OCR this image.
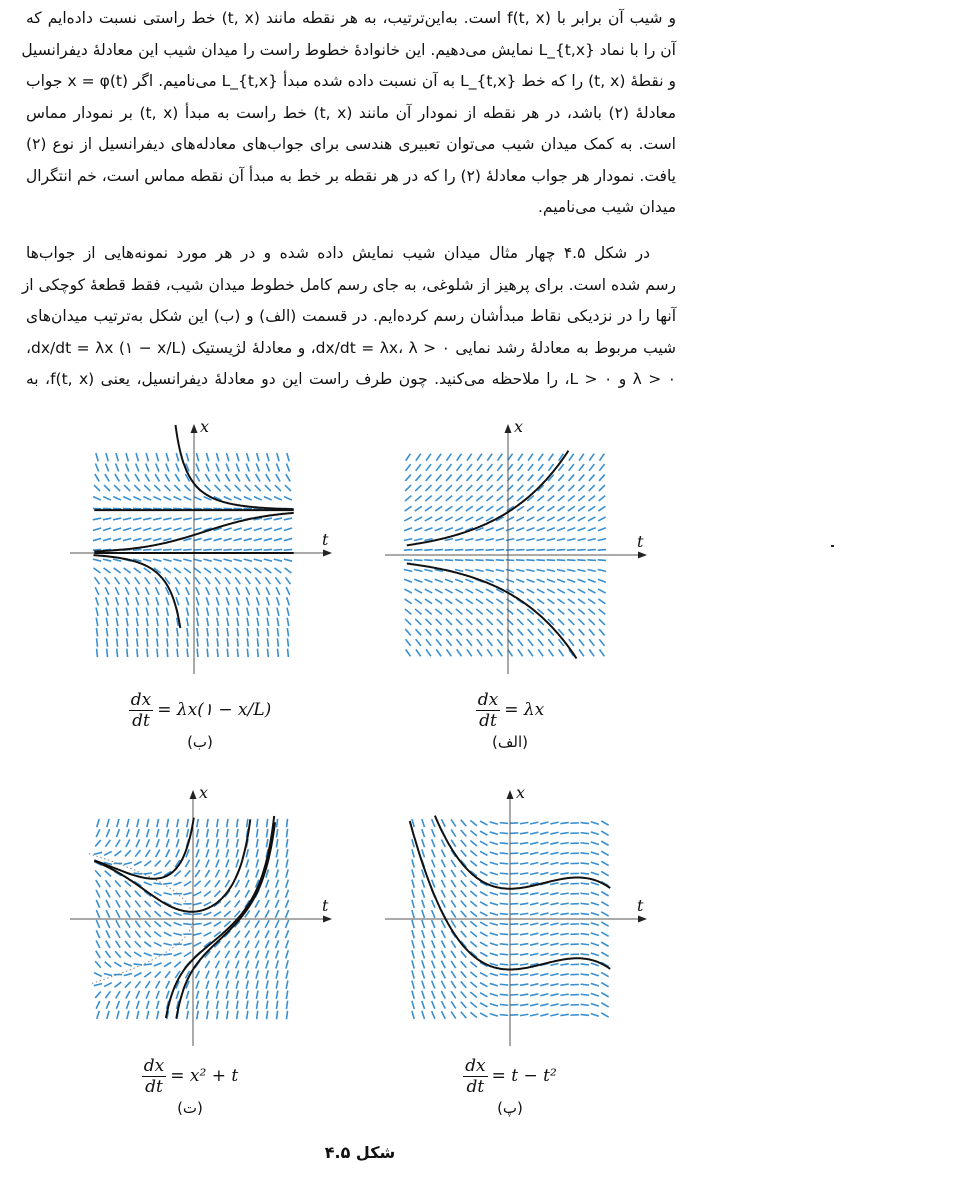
و شیب آن برابر با (f(t, x است. به‌این‌ترتیب، به هر نقطه مانند (t, x) خط راستی نسبت داده‌ایم که
آن را با نماد L_{t,x} نمایش می‌دهیم. این خانوادهٔ خطوط راست را میدان شیب این معادلهٔ دیفرانسیل
و نقطهٔ (t, x) را که خط L_{t,x} به آن نسبت داده شده مبدأ L_{t,x} می‌نامیم. اگر x = φ(t) جواب
معادلهٔ (۲) باشد، در هر نقطه از نمودار آن مانند (t, x) خط راست به مبدأ (t, x) بر نمودار مماس
است. به کمک میدان شیب می‌توان تعبیری هندسی برای جواب‌های معادله‌های دیفرانسیل از نوع (۲)
یافت. نمودار هر جواب معادلهٔ (۲) را که در هر نقطه بر خط به مبدأ آن نقطه مماس است، خم انتگرال
میدان شیب می‌نامیم.
در شکل ۴.۵ چهار مثال میدان شیب نمایش داده شده و در هر مورد نمونه‌هایی از جواب‌ها
رسم شده است. برای پرهیز از شلوغی، به جای رسم کامل خطوط میدان شیب، فقط قطعهٔ کوچکی از
آنها را در نزدیکی نقاط مبدأشان رسم کرده‌ایم. در قسمت (الف) و (ب) این شکل به‌ترتیب میدان‌های
شیب مربوط به معادلهٔ رشد نمایی dx/dt = λx، λ > ۰، و معادلهٔ لژیستیک dx/dt = λx (۱ − x/L)،
λ > ۰ و L > ۰، را ملاحظه می‌کنید. چون طرف راست این دو معادلهٔ دیفرانسیل، یعنی f(t, x)، به
t
x
t
x
t
x
t
x
$\frac{dx}{dt}$ = λx(۱ − x/L)
(ب)
$\frac{dx}{dt} = \lambda x$
(الف)
$\frac{dx}{dt} = x^2 + t$
(ت)
$\frac{dx}{dt} = t - t^2$
(پ)
شکل ۴.۵
